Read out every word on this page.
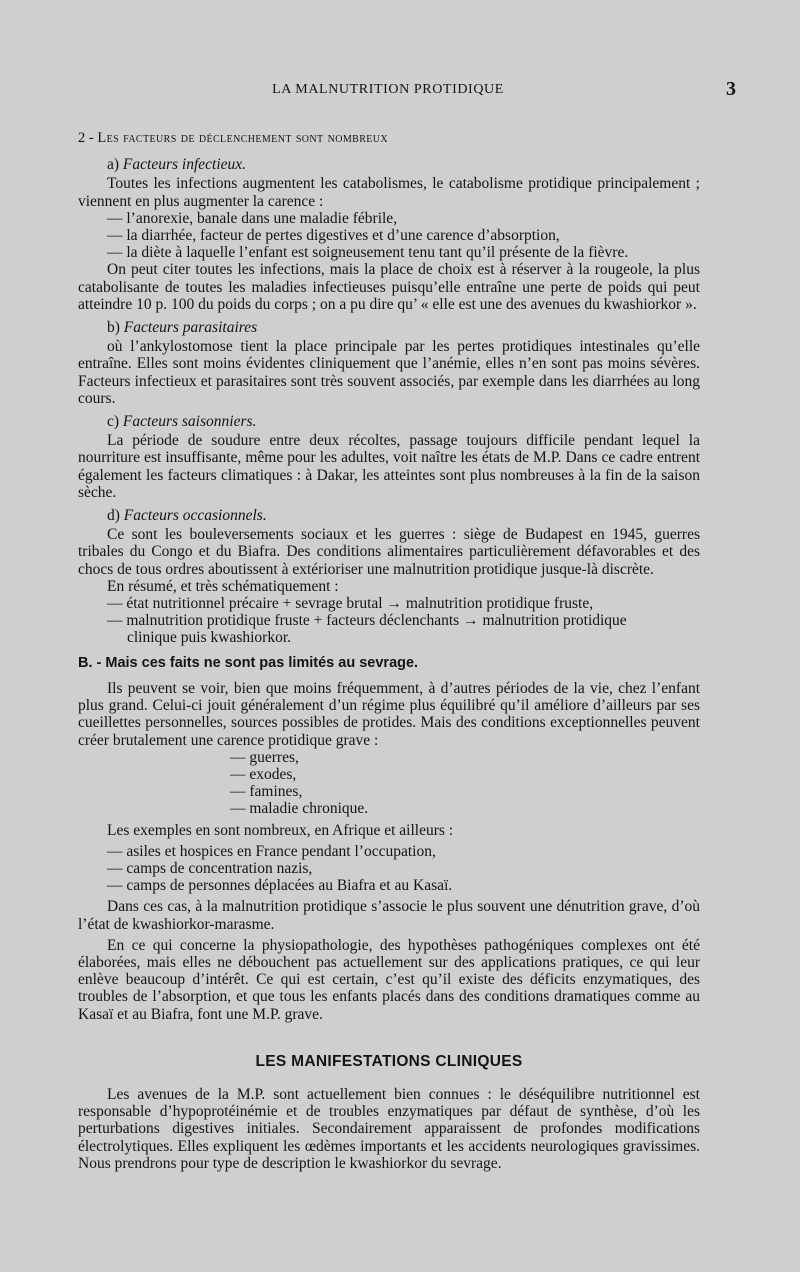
LA MALNUTRITION PROTIDIQUE	3

2 - Les facteurs de déclenchement sont nombreux

a) Facteurs infectieux.

Toutes les infections augmentent les catabolismes, le catabolisme protidique principalement ; viennent en plus augmenter la carence :

— l’anorexie, banale dans une maladie fébrile,

— la diarrhée, facteur de pertes digestives et d’une carence d’absorption,

— la diète à laquelle l’enfant est soigneusement tenu tant qu’il présente de la fièvre.

On peut citer toutes les infections, mais la place de choix est à réserver à la rougeole, la plus catabolisante de toutes les maladies infectieuses puisqu’elle entraîne une perte de poids qui peut atteindre 10 p. 100 du poids du corps ; on a pu dire qu’ « elle est une des avenues du kwashiorkor ».

b) Facteurs parasitaires

où l’ankylostomose tient la place principale par les pertes protidiques intestinales qu’elle entraîne. Elles sont moins évidentes cliniquement que l’anémie, elles n’en sont pas moins sévères. Facteurs infectieux et parasitaires sont très souvent associés, par exemple dans les diarrhées au long cours.

c) Facteurs saisonniers.

La période de soudure entre deux récoltes, passage toujours difficile pendant lequel la nourriture est insuffisante, même pour les adultes, voit naître les états de M.P. Dans ce cadre entrent également les facteurs climatiques : à Dakar, les atteintes sont plus nombreuses à la fin de la saison sèche.

d) Facteurs occasionnels.

Ce sont les bouleversements sociaux et les guerres : siège de Budapest en 1945, guerres tribales du Congo et du Biafra. Des conditions alimentaires particulièrement défavorables et des chocs de tous ordres aboutissent à extérioriser une malnutrition protidique jusque-là discrète.

En résumé, et très schématiquement :

— état nutritionnel précaire + sevrage brutal → malnutrition protidique fruste,

— malnutrition protidique fruste + facteurs déclenchants → malnutrition protidique

clinique puis kwashiorkor.

B. - Mais ces faits ne sont pas limités au sevrage.

Ils peuvent se voir, bien que moins fréquemment, à d’autres périodes de la vie, chez l’enfant plus grand. Celui-ci jouit généralement d’un régime plus équilibré qu’il améliore d’ailleurs par ses cueillettes personnelles, sources possibles de protides. Mais des conditions exceptionnelles peuvent créer brutalement une carence protidique grave :

— guerres,

— exodes,

— famines,

— maladie chronique.

Les exemples en sont nombreux, en Afrique et ailleurs :

— asiles et hospices en France pendant l’occupation,

— camps de concentration nazis,

— camps de personnes déplacées au Biafra et au Kasaï.

Dans ces cas, à la malnutrition protidique s’associe le plus souvent une dénutrition grave, d’où l’état de kwashiorkor-marasme.

En ce qui concerne la physiopathologie, des hypothèses pathogéniques complexes ont été élaborées, mais elles ne débouchent pas actuellement sur des applications pratiques, ce qui leur enlève beaucoup d’intérêt. Ce qui est certain, c’est qu’il existe des déficits enzymatiques, des troubles de l’absorption, et que tous les enfants placés dans des conditions dramatiques comme au Kasaï et au Biafra, font une M.P. grave.

LES MANIFESTATIONS CLINIQUES

Les avenues de la M.P. sont actuellement bien connues : le déséquilibre nutritionnel est responsable d’hypoprotéinémie et de troubles enzymatiques par défaut de synthèse, d’où les perturbations digestives initiales. Secondairement apparaissent de profondes modifications électrolytiques. Elles expliquent les œdèmes importants et les accidents neurologiques gravissimes. Nous prendrons pour type de description le kwashiorkor du sevrage.
